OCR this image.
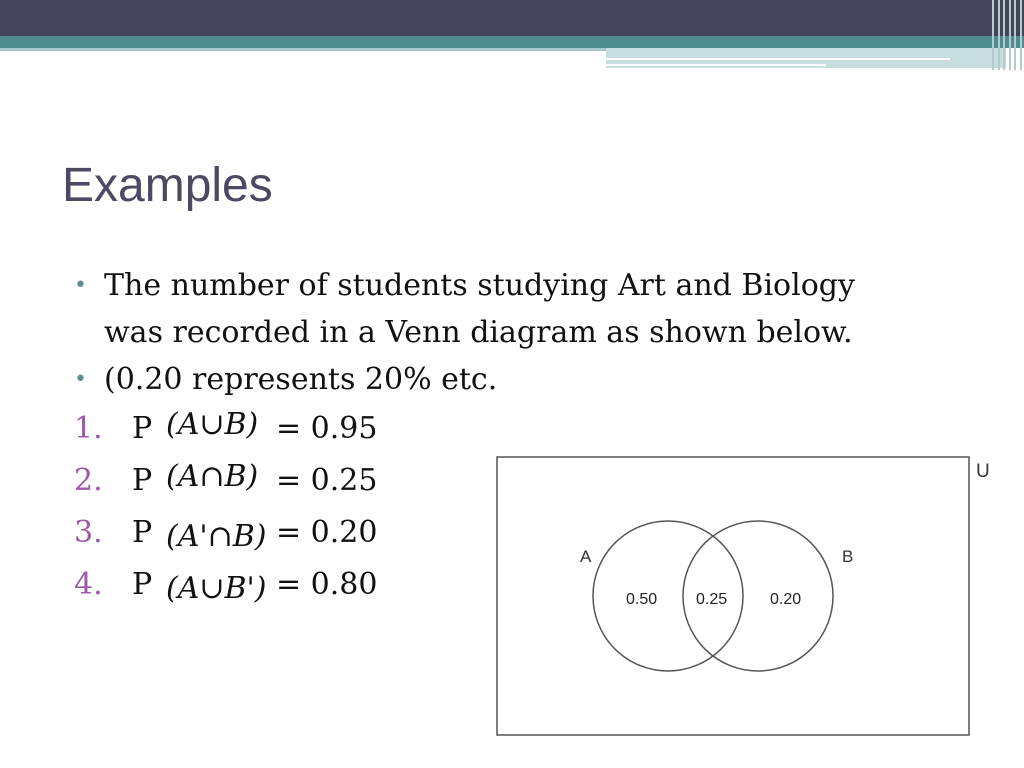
Examples
• The number of students studying Art and Biology was recorded in a Venn diagram as shown below.
• (0.20 represents 20% etc.
1. P (A∪B) = 0.95
2. P (A∩B) = 0.25
3. P (A'∩B) = 0.20
4. P (A∪B') = 0.80
A	B
0.50 0.25	0.20
U
